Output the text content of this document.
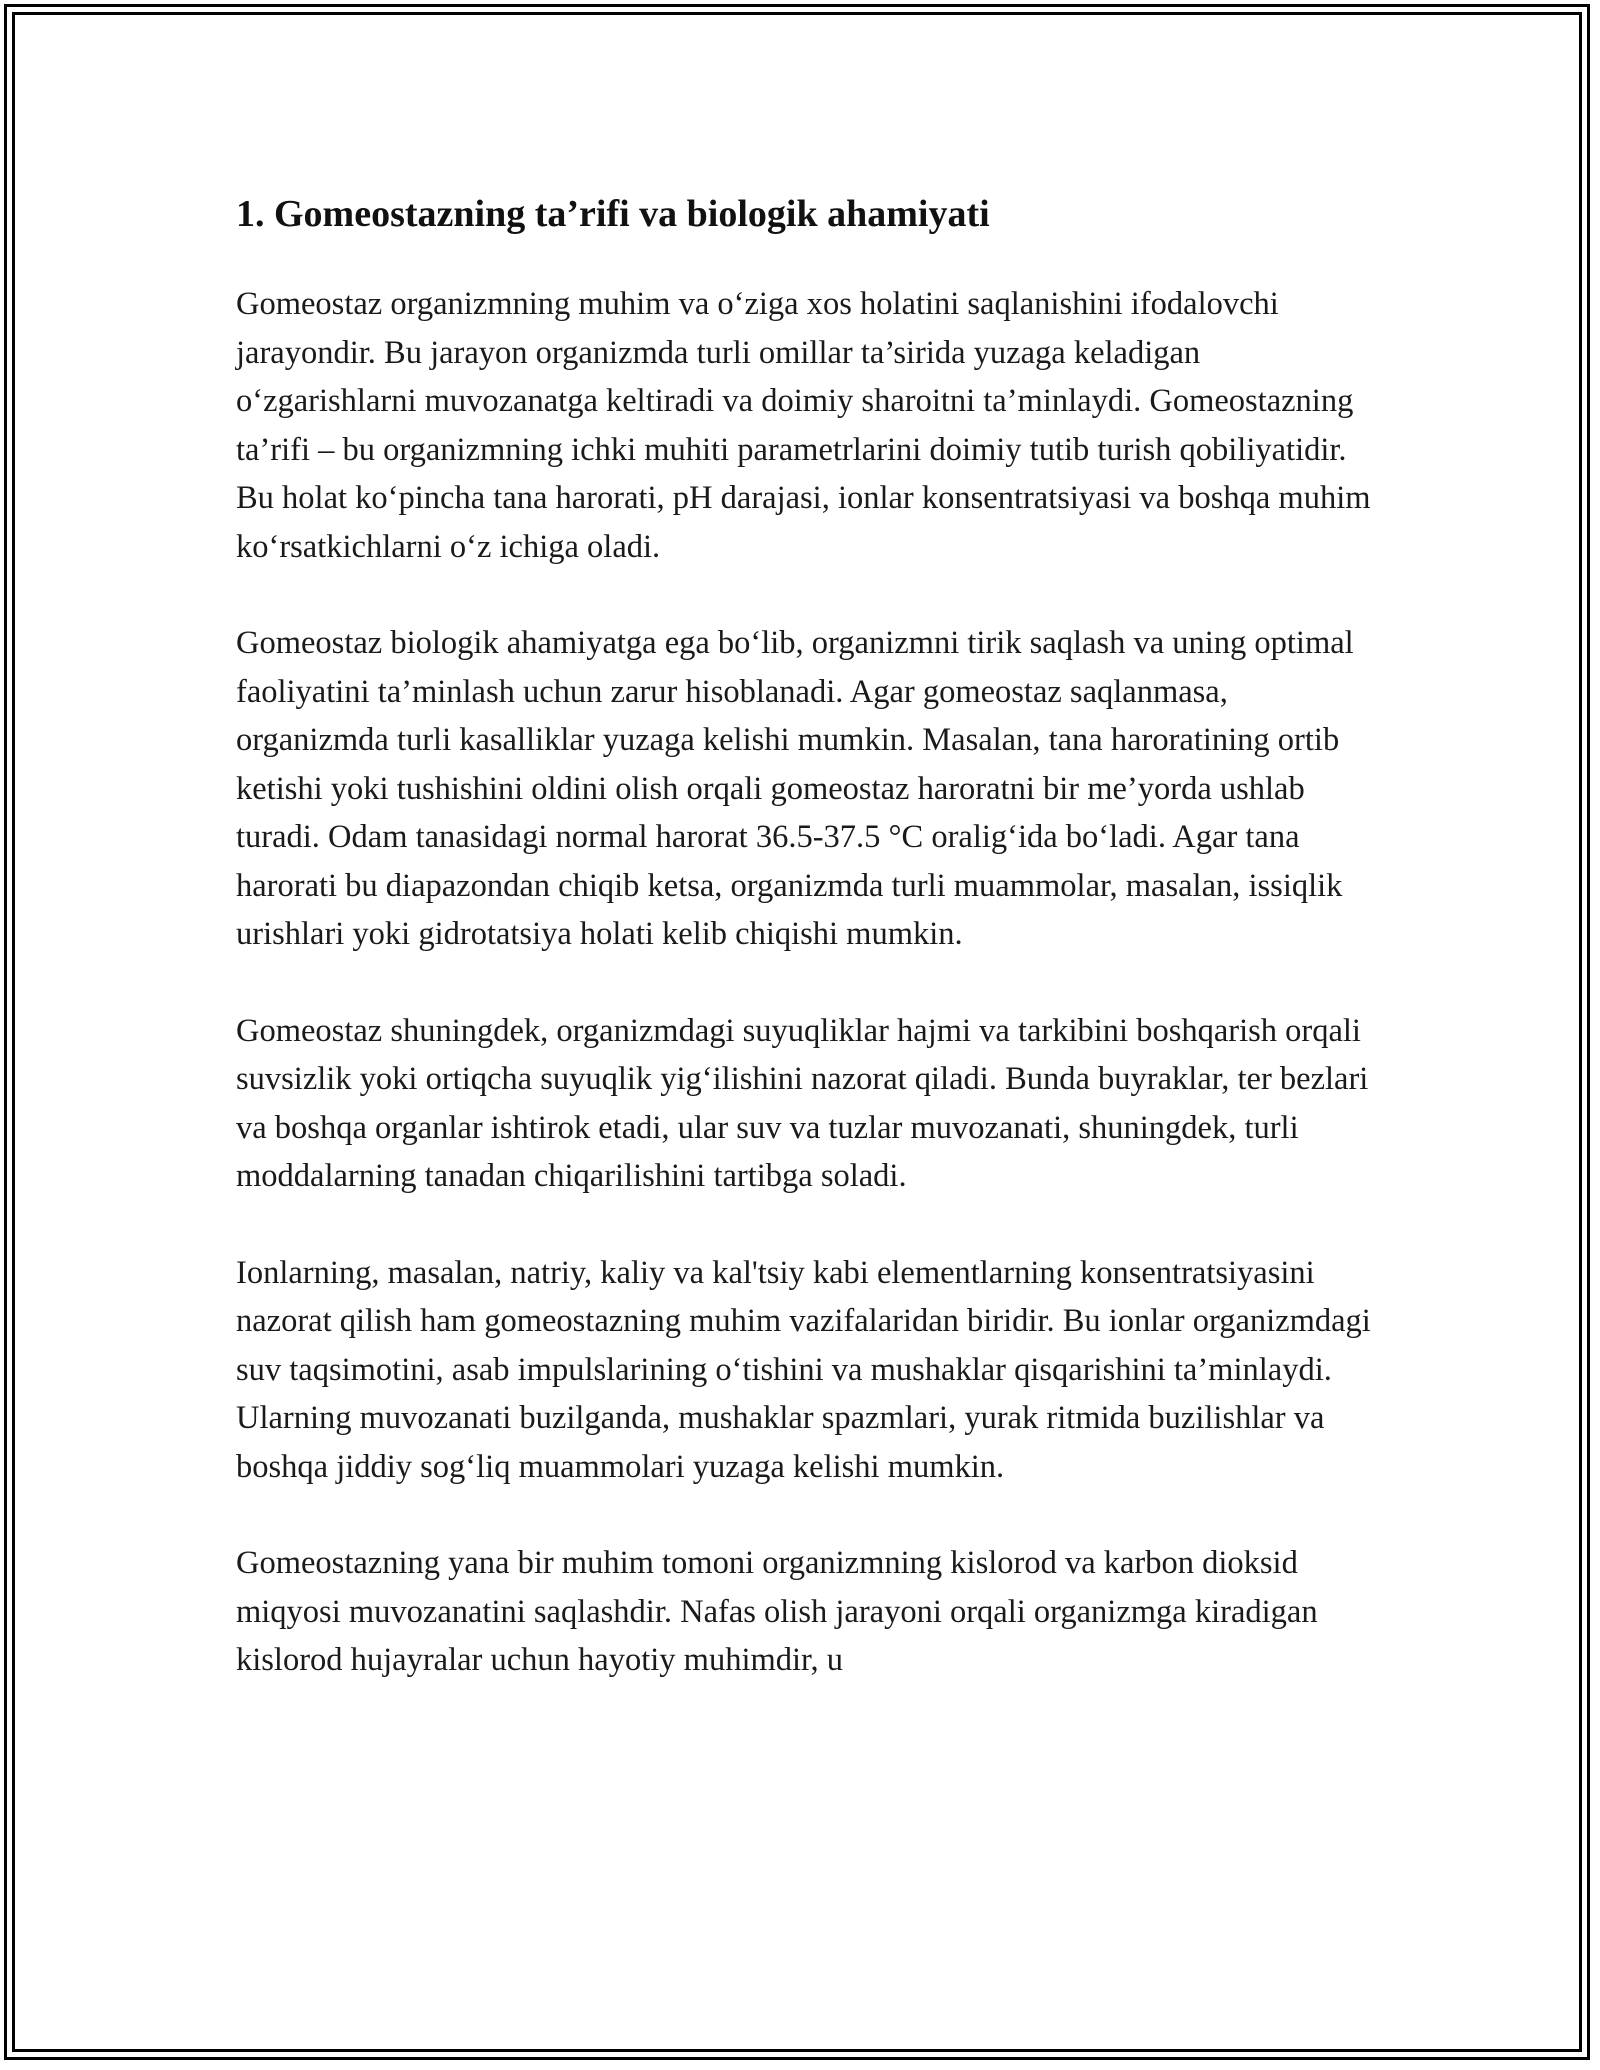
1. Gomeostazning ta’rifi va biologik ahamiyati

Gomeostaz organizmning muhim va o‘ziga xos holatini saqlanishini ifodalovchi jarayondir. Bu jarayon organizmda turli omillar ta’sirida yuzaga keladigan o‘zgarishlarni muvozanatga keltiradi va doimiy sharoitni ta’minlaydi. Gomeostazning ta’rifi – bu organizmning ichki muhiti parametrlarini doimiy tutib turish qobiliyatidir. Bu holat ko‘pincha tana harorati, pH darajasi, ionlar konsentratsiyasi va boshqa muhim ko‘rsatkichlarni o‘z ichiga oladi.

Gomeostaz biologik ahamiyatga ega bo‘lib, organizmni tirik saqlash va uning optimal faoliyatini ta’minlash uchun zarur hisoblanadi. Agar gomeostaz saqlanmasa, organizmda turli kasalliklar yuzaga kelishi mumkin. Masalan, tana haroratining ortib ketishi yoki tushishini oldini olish orqali gomeostaz haroratni bir me’yorda ushlab turadi. Odam tanasidagi normal harorat 36.5-37.5 °C oralig‘ida bo‘ladi. Agar tana harorati bu diapazondan chiqib ketsa, organizmda turli muammolar, masalan, issiqlik urishlari yoki gidrotatsiya holati kelib chiqishi mumkin.

Gomeostaz shuningdek, organizmdagi suyuqliklar hajmi va tarkibini boshqarish orqali suvsizlik yoki ortiqcha suyuqlik yig‘ilishini nazorat qiladi. Bunda buyraklar, ter bezlari va boshqa organlar ishtirok etadi, ular suv va tuzlar muvozanati, shuningdek, turli moddalarning tanadan chiqarilishini tartibga soladi.

Ionlarning, masalan, natriy, kaliy va kal'tsiy kabi elementlarning konsentratsiyasini nazorat qilish ham gomeostazning muhim vazifalaridan biridir. Bu ionlar organizmdagi suv taqsimotini, asab impulslarining o‘tishini va mushaklar qisqarishini ta’minlaydi. Ularning muvozanati buzilganda, mushaklar spazmlari, yurak ritmida buzilishlar va boshqa jiddiy sog‘liq muammolari yuzaga kelishi mumkin.

Gomeostazning yana bir muhim tomoni organizmning kislorod va karbon dioksid miqyosi muvozanatini saqlashdir. Nafas olish jarayoni orqali organizmga kiradigan kislorod hujayralar uchun hayotiy muhimdir, u
